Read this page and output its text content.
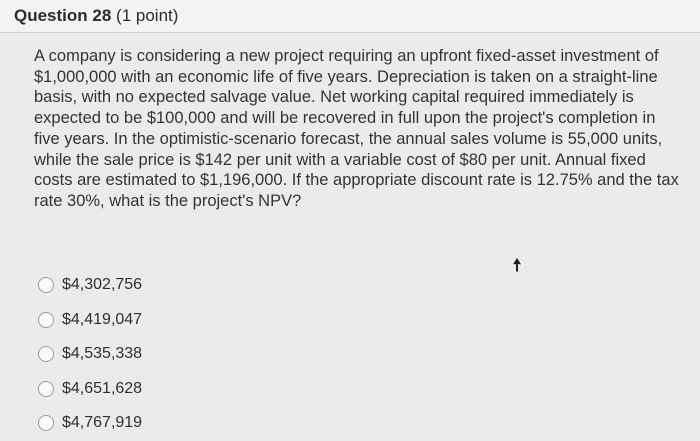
Question 28 (1 point)
A company is considering a new project requiring an upfront fixed-asset investment of $1,000,000 with an economic life of five years. Depreciation is taken on a straight-line basis, with no expected salvage value. Net working capital required immediately is expected to be $100,000 and will be recovered in full upon the project's completion in five years. In the optimistic-scenario forecast, the annual sales volume is 55,000 units, while the sale price is $142 per unit with a variable cost of $80 per unit. Annual fixed costs are estimated to $1,196,000. If the appropriate discount rate is 12.75% and the tax rate 30%, what is the project's NPV?
$4,302,756
$4,419,047
$4,535,338
$4,651,628
$4,767,919
